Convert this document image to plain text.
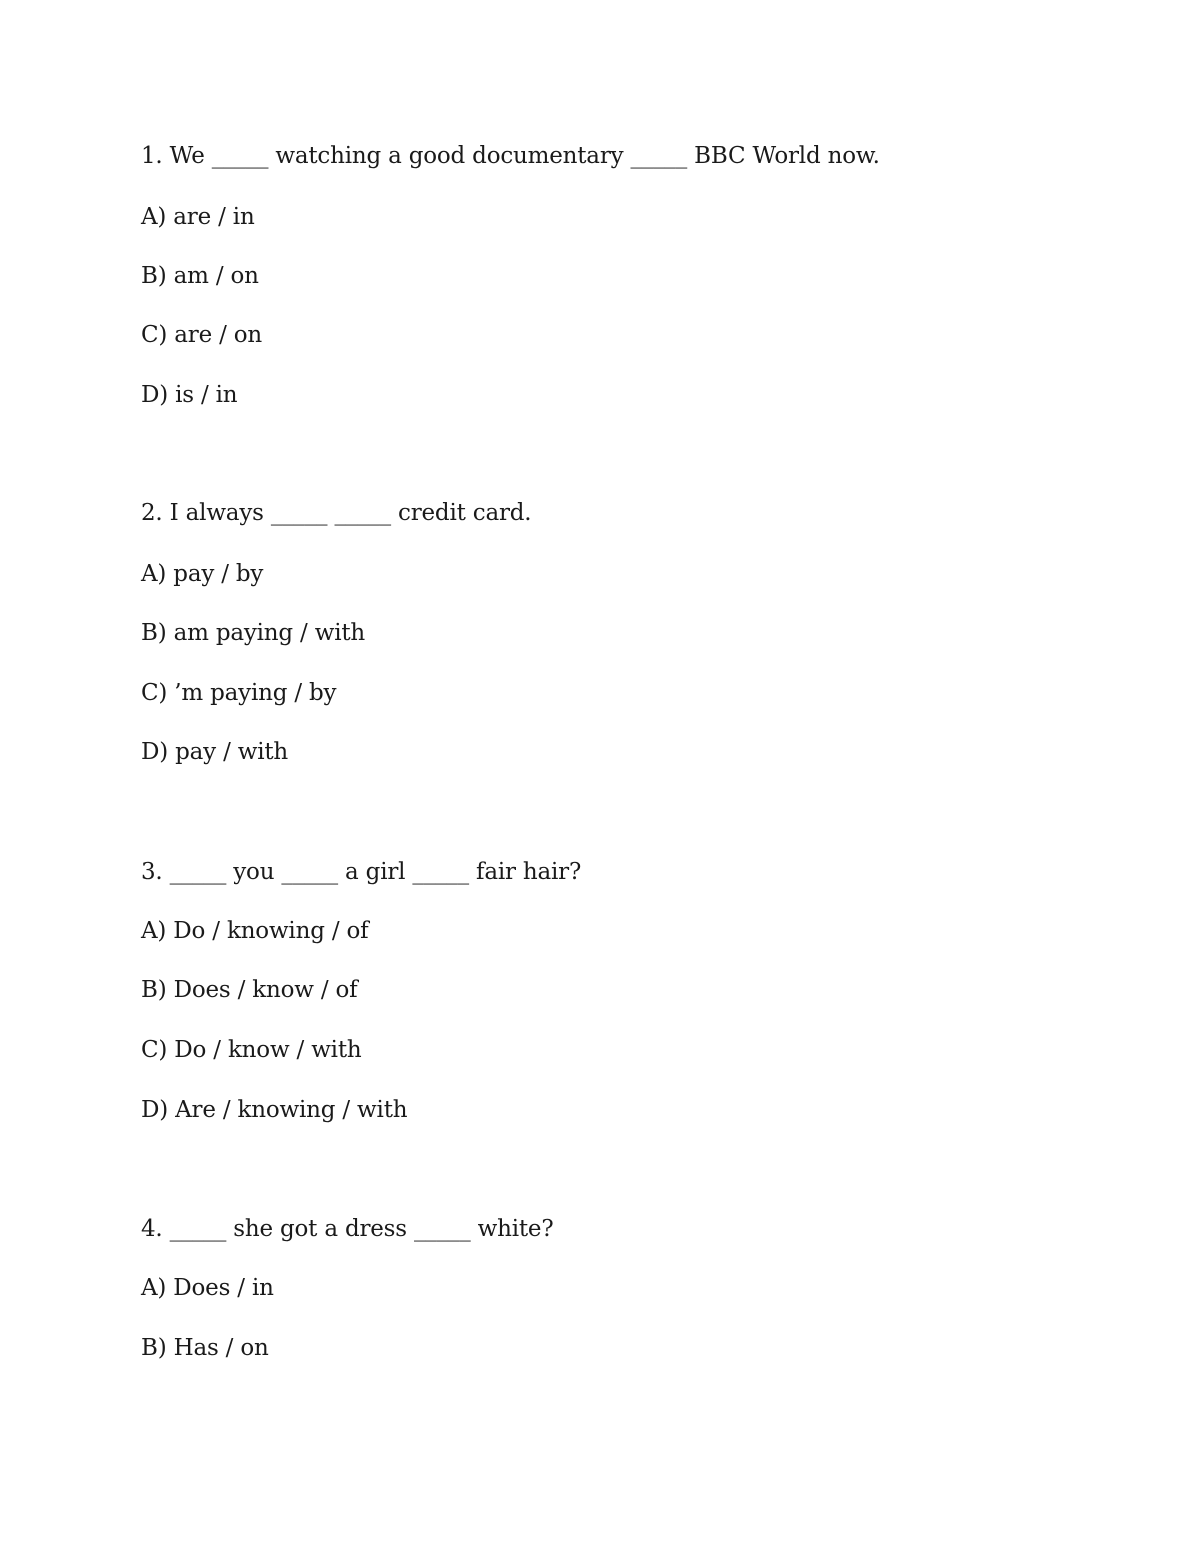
1. We _____ watching a good documentary _____ BBC World now.
A) are / in
B) am / on
C) are / on
D) is / in
2. I always _____ _____ credit card.
A) pay / by
B) am paying / with
C) ’m paying / by
D) pay / with
3. _____ you _____ a girl _____ fair hair?
A) Do / knowing / of
B) Does / know / of
C) Do / know / with
D) Are / knowing / with
4. _____ she got a dress _____ white?
A) Does / in
B) Has / on
